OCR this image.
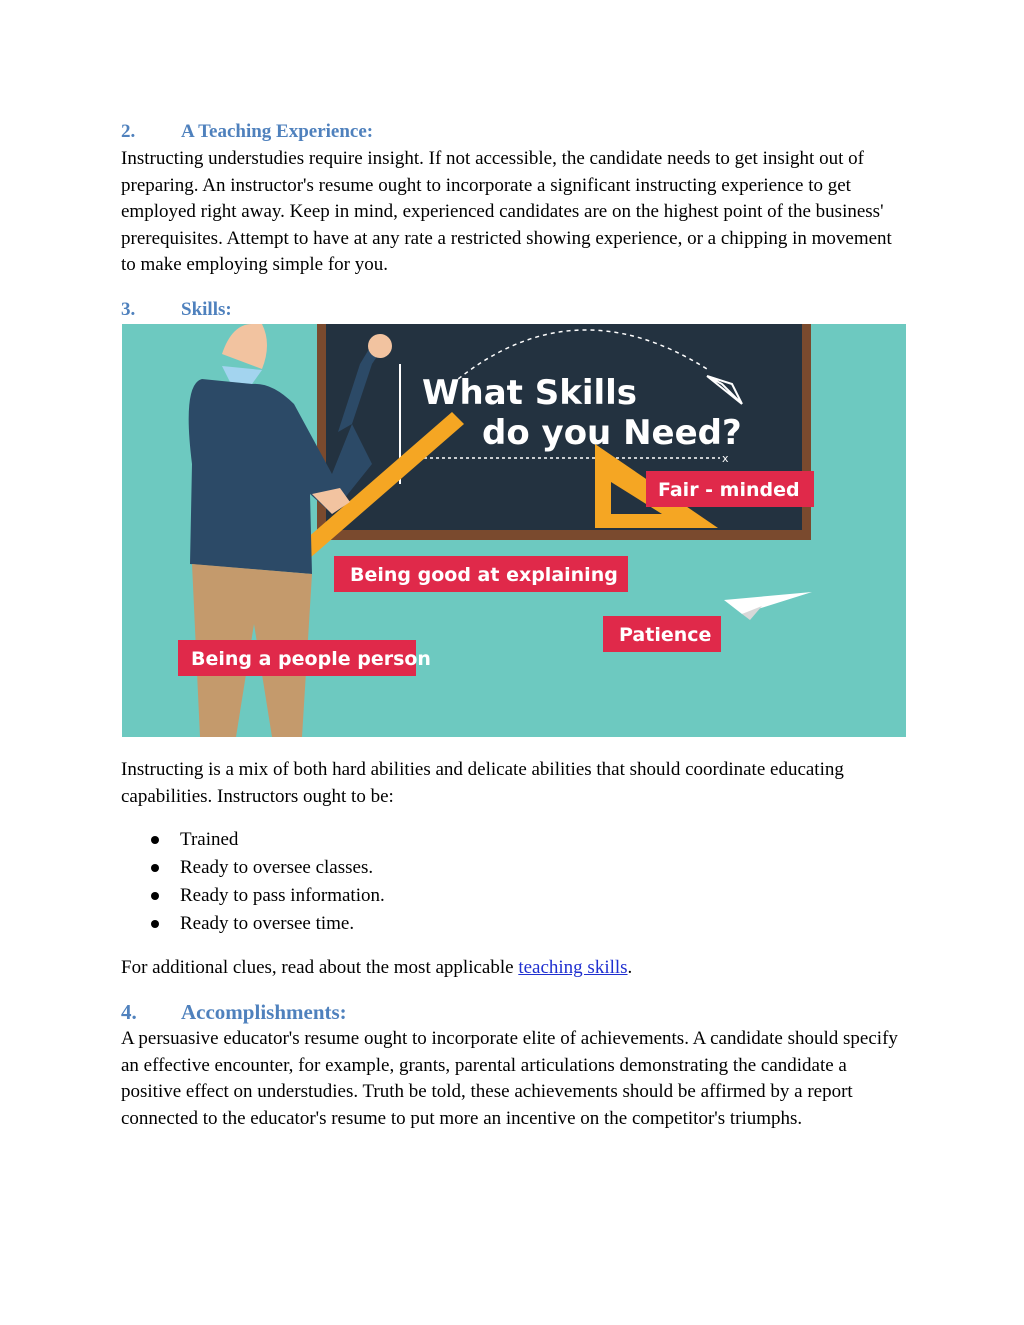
2. A Teaching Experience:
Instructing understudies require insight. If not accessible, the candidate needs to get insight out of preparing. An instructor's resume ought to incorporate a significant instructing experience to get employed right away. Keep in mind, experienced candidates are on the highest point of the business' prerequisites. Attempt to have at any rate a restricted showing experience, or a chipping in movement to make employing simple for you.
3. Skills:
Instructing is a mix of both hard abilities and delicate abilities that should coordinate educating capabilities. Instructors ought to be:
Trained
Ready to oversee classes.
Ready to pass information.
Ready to oversee time.
For additional clues, read about the most applicable teaching skills.
4. Accomplishments:
A persuasive educator's resume ought to incorporate elite of achievements. A candidate should specify an effective encounter, for example, grants, parental articulations demonstrating the candidate a positive effect on understudies. Truth be told, these achievements should be affirmed by a report connected to the educator's resume to put more an incentive on the competitor's triumphs.
x
What Skills
do you Need?
Fair - minded
Being good at explaining
Patience
Being a people person
